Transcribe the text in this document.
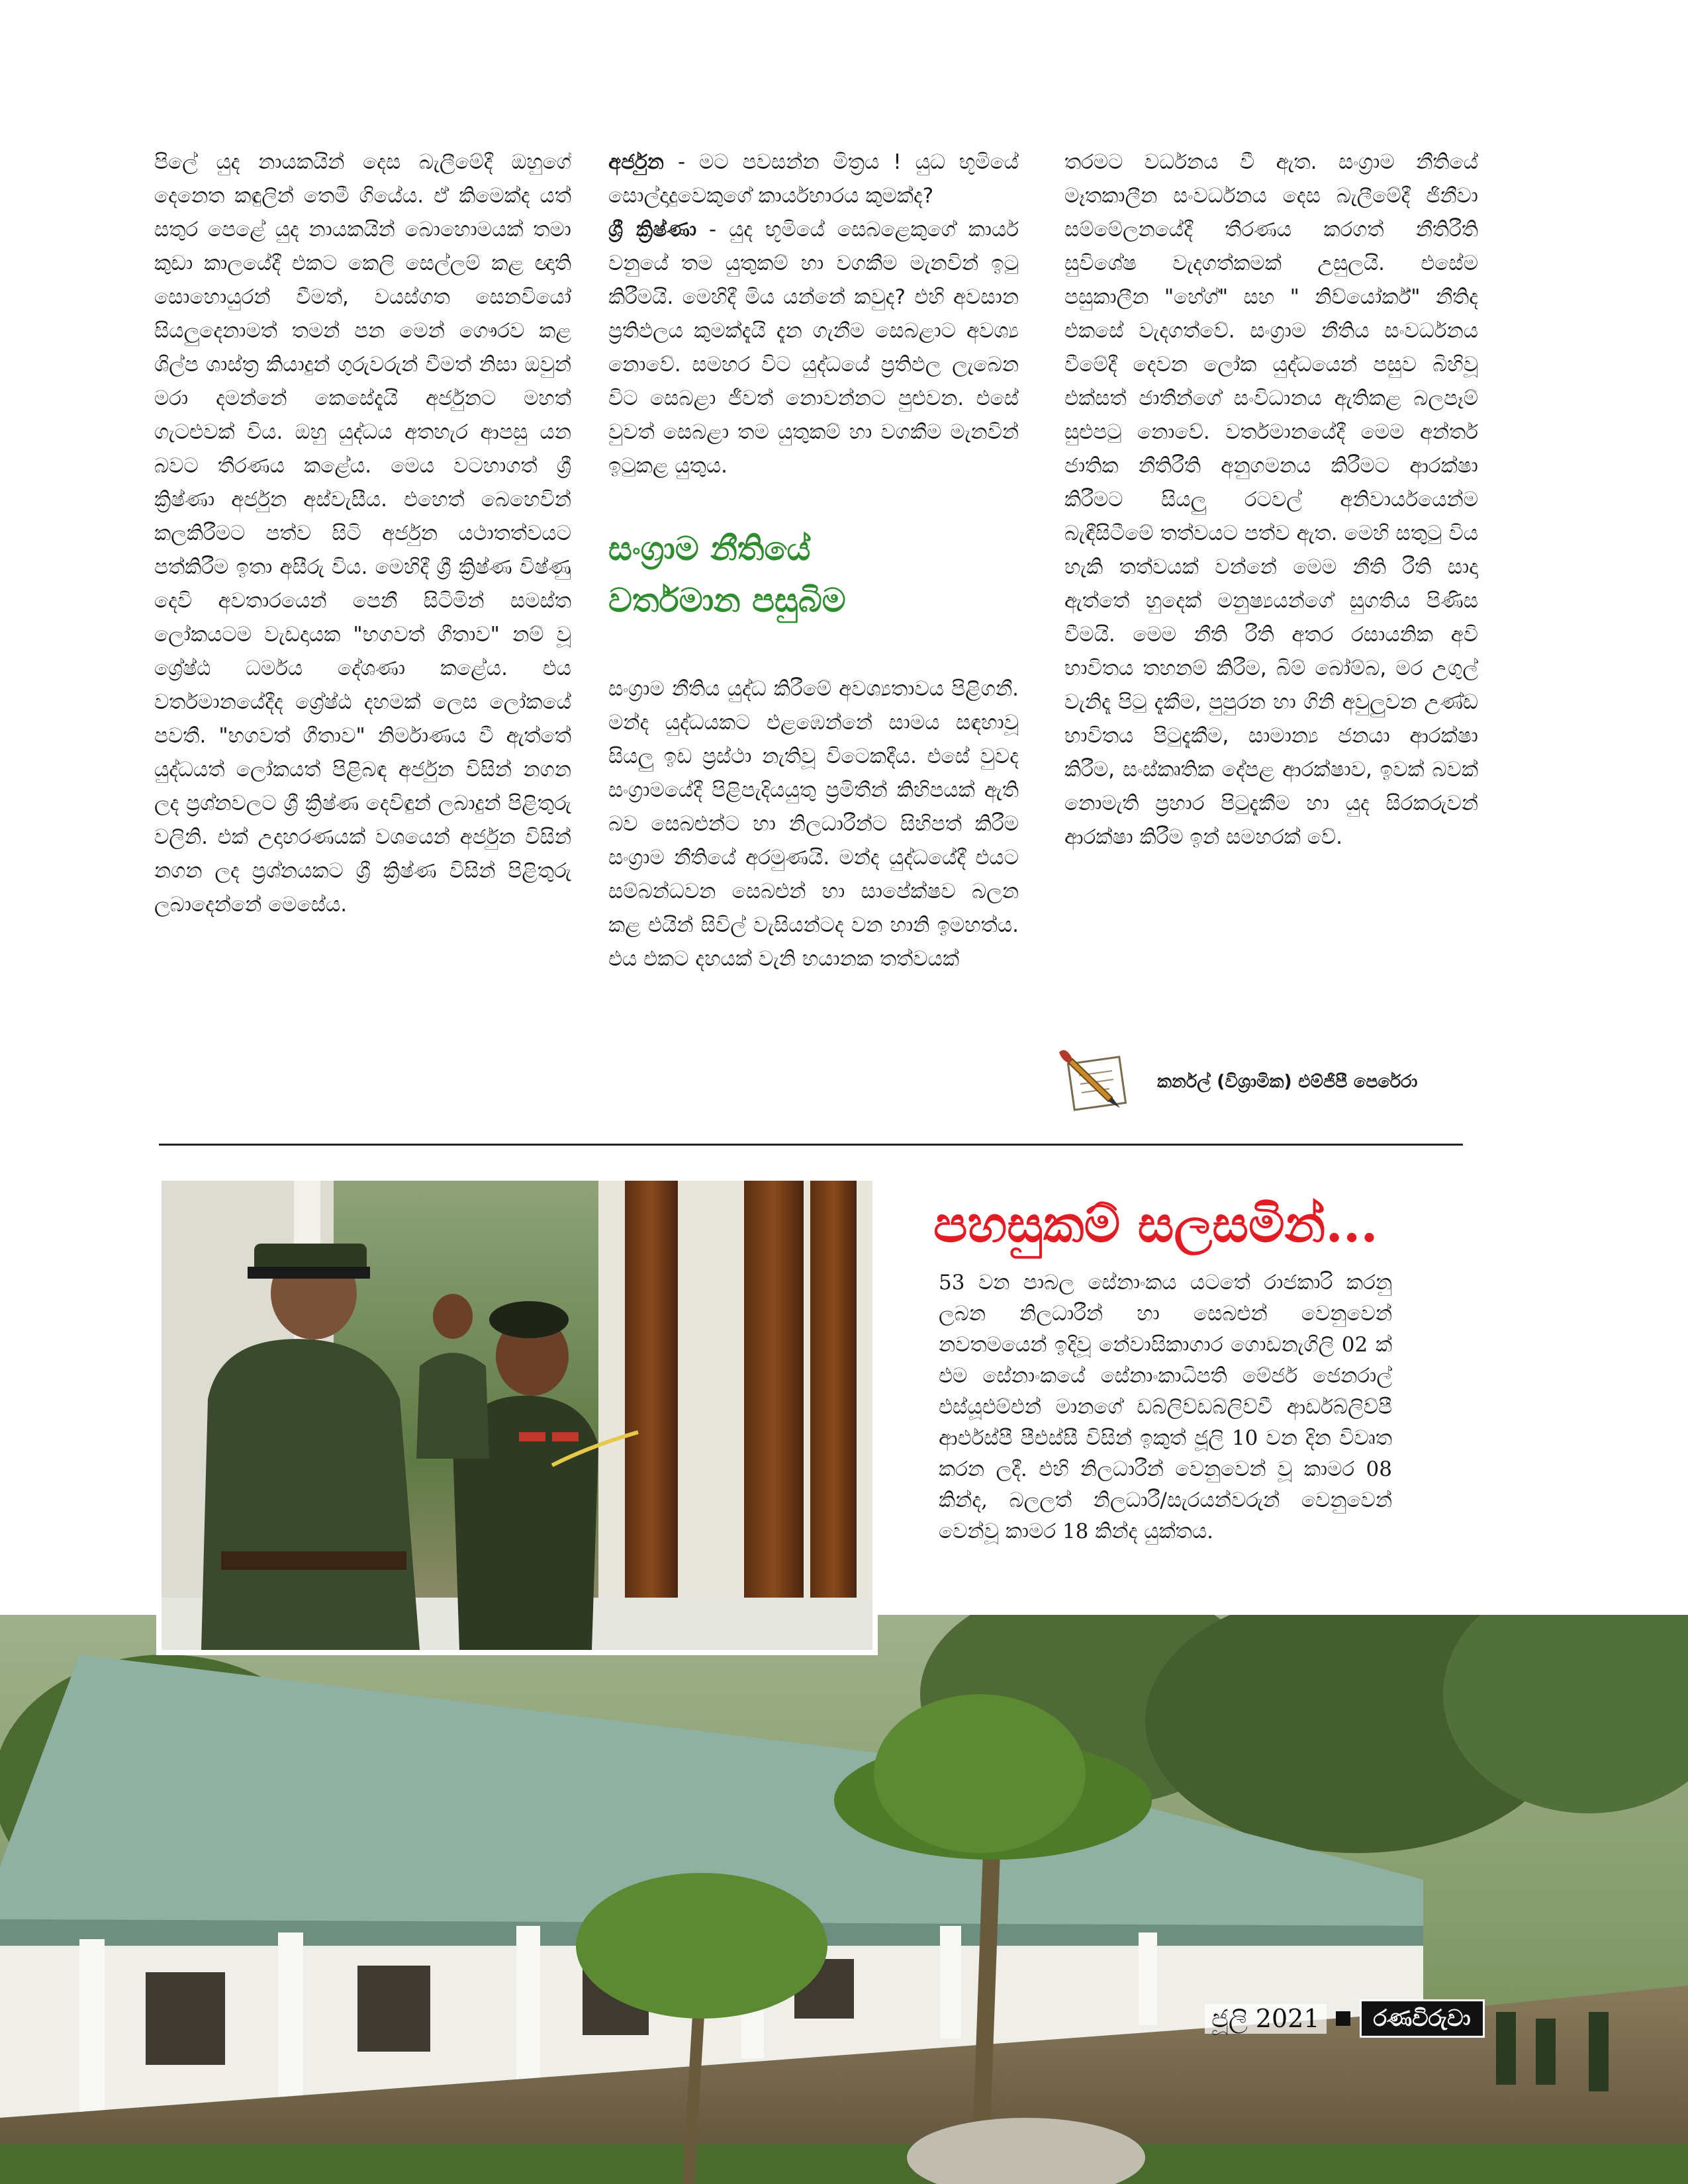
පිලේ යුද නායකයින් දෙස බැලීමේදී ඔහුගේ දෙනෙත කඳුලින් තෙමී ගියේය. ඒ කිමෙක්ද යත් සතුර පෙළේ යුද නායකයින් බොහොමයක් තමා කුඩා කාලයේදී එකට කෙලි සෙල්ලම් කළ ඥාති සොහොයුරන් වීමත්, වයස්ගත සෙනවියෝ සියලුදෙනාමත් තමන් පන මෙන් ගෞරව කළ ශිල්ප ශාස්ත්‍ර කියාදුන් ගුරුවරුන් වීමත් නිසා ඔවුන් මරා දමන්නේ කෙසේදැයි අර්ජුනට මහත් ගැටළුවක් විය. ඔහු යුද්ධය අතහැර ආපසු යන බවට තීරණය කළේය. මෙය වටහාගත් ශ්‍රී ක්‍රිෂ්ණා අර්ජුන අස්වැසීය. එහෙත් බෙහෙවින් කලකිරීමට පත්ව සිටි අර්ජුන යථාතත්වයට පත්කිරීම ඉතා අසීරු විය. මෙහිදී ශ්‍රී ක්‍රිෂ්ණ විෂ්ණු දෙවි අවතාරයෙන් පෙනී සිටිමින් සමස්ත ලෝකයටම වැඩදායක "භගවත් ගීතාව" නම් වූ ශ්‍රේෂ්ඨ ධර්මය දේශණා කළේය. එය වර්තමානයේදීද ශ්‍රේෂ්ඨ දහමක් ලෙස ලෝකයේ පවතී. "භගවත් ගීතාව" නිර්මාණය වී ඇත්තේ යුද්ධයත් ලෝකයත් පිළිබඳ අර්ජුන විසින් නගන ලද ප්‍රශ්නවලට ශ්‍රී ක්‍රිෂ්ණ දෙවිඳුන් ලබාදුන් පිළිතුරු වලිනි. එක් උදාහරණයක් වශයෙන් අර්ජුන විසින් නගන ලද ප්‍රශ්නයකට ශ්‍රී ක්‍රිෂ්ණ විසින් පිළිතුරු ලබාදෙන්නේ මෙසේය.

අර්ජුන - මට පවසන්න මිත්‍රය ! යුධ භූමියේ සොල්දාදුවෙකුගේ කාර්යභාරය කුමක්ද?

ශ්‍රී ක්‍රිෂ්ණා - යුද භූමියේ සෙබළෙකුගේ කාර්ය වනුයේ තම යුතුකම් හා වගකීම මැනවින් ඉටු කිරීමයි. මෙහිදී මිය යන්නේ කවුද? එහි අවසාන ප්‍රතිඵලය කුමක්දැයි දැන ගැනීම සෙබළාට අවශ්‍ය නොවේ. සමහර විට යුද්ධයේ ප්‍රතිඵල ලැබෙන විට සෙබළා ජීවත් නොවන්නට පුළුවන. එසේ වුවත් සෙබළා තම යුතුකම් හා වගකීම මැනවින් ඉටුකළ යුතුය.

සංග්‍රාම නීතියේ
වර්තමාන පසුබිම

සංග්‍රාම නීතිය යුද්ධ කිරීමේ අවශ්‍යතාවය පිළිගනී. මන්ද යුද්ධයකට එළඹෙන්නේ සාමය සඳහාවූ සියලු ඉඩ ප්‍රස්ථා නැතිවූ විටෙකදීය. එසේ වුවද සංග්‍රාමයේදී පිළිපැදියයුතු ප්‍රමිතීන් කිහිපයක් ඇති බව සෙබළුන්ට හා නිලධාරීන්ට සිහිපත් කිරීම සංග්‍රාම නීතියේ අරමුණයි. මන්ද යුද්ධයේදී එයට සම්බන්ධවන සෙබළුන් හා සාපේක්ෂව බලන කළ එයින් සිවිල් වැසියන්ටද වන හානි ඉමහත්ය. එය එකට දහයක් වැනි භයානක තත්වයක්

තරමට වර්ධනය වී ඇත. සංග්‍රාම නීතියේ මෑතකාලීන සංවර්ධනය දෙස බැලීමේදී ජිනීවා සම්මේලනයේදී තීරණය කරගත් නීතිරීති සුවිශේෂ වැදගත්කමක් උසුලයි. එසේම පසුකාලීන "හේග්" සහ " නිව්යෝර්ක්" නීතිද එකසේ වැදගත්වේ. සංග්‍රාම නීතිය සංවර්ධනය වීමේදී දෙවන ලෝක යුද්ධයෙන් පසුව බිහිවූ එක්සත් ජාතීන්ගේ සංවිධානය ඇතිකළ බලපෑම් සුළුපටු නොවේ. වර්තමානයේදී මෙම අන්තර් ජාතික නීතිරීති අනුගමනය කිරීමට ආරක්ෂා කිරීමට සියලු රටවල් අනිවාර්යයෙන්ම බැඳීසිටීමේ තත්වයට පත්ව ඇත. මෙහි සතුටු විය හැකි තත්වයක් වන්නේ මෙම නීති රීති සාදා ඇත්තේ හුදෙක් මනුෂ්‍යයන්ගේ සුගතිය පිණිස වීමයි. මෙම නීති රීති අතර රසායනික අවි භාවිතය තහනම් කිරීම, බිම් බෝම්බ, මර උගුල් වැනිදෑ පිටු දැකීම, පුපුරන හා ගිනි අවුලුවන උණ්ඩ භාවිතය පිටුදැකීම, සාමාන්‍ය ජනයා ආරක්ෂා කිරීම, සංස්කෘතික දේපළ ආරක්ෂාව, ඉවක් බවක් නොමැති ප්‍රහාර පිටුදැකීම හා යුද සිරකරුවන් ආරක්ෂා කිරීම ඉන් සමහරක් වේ.

කර්නල් (විශ්‍රාමික) එම්ජීපී පෙරේරා
පහසුකම් සලසමින්...
53 වන පාබල සේනාංකය යටතේ රාජකාරි කරනු ලබන නිලධාරීන් හා සෙබළුන් වෙනුවෙන් නවතමයෙන් ඉදිවූ නේවාසිකාගාර ගොඩනැගිලි 02 ක් එම සේනාංකයේ සේනාංකාධිපති මේජර් ජෙනරාල් එස්යූඑම්එන් මානගේ ඩබ්ලිව්ඩබ්ලිව්වී ආර්ඩබ්ලිව්පී ආර්එස්පී පීඑස්සී විසින් ඉකුත් ජූලි 10 වන දින විවෘත කරන ලදී. එහි නිලධාරීන් වෙනුවෙන් වූ කාමර 08 කින්ද, බලලත් නිලධාරී/සැරයන්වරුන් වෙනුවෙන් වෙන්වූ කාමර 18 කින්ද යුක්තය.
ජූලි 2021	රණවිරුවා
